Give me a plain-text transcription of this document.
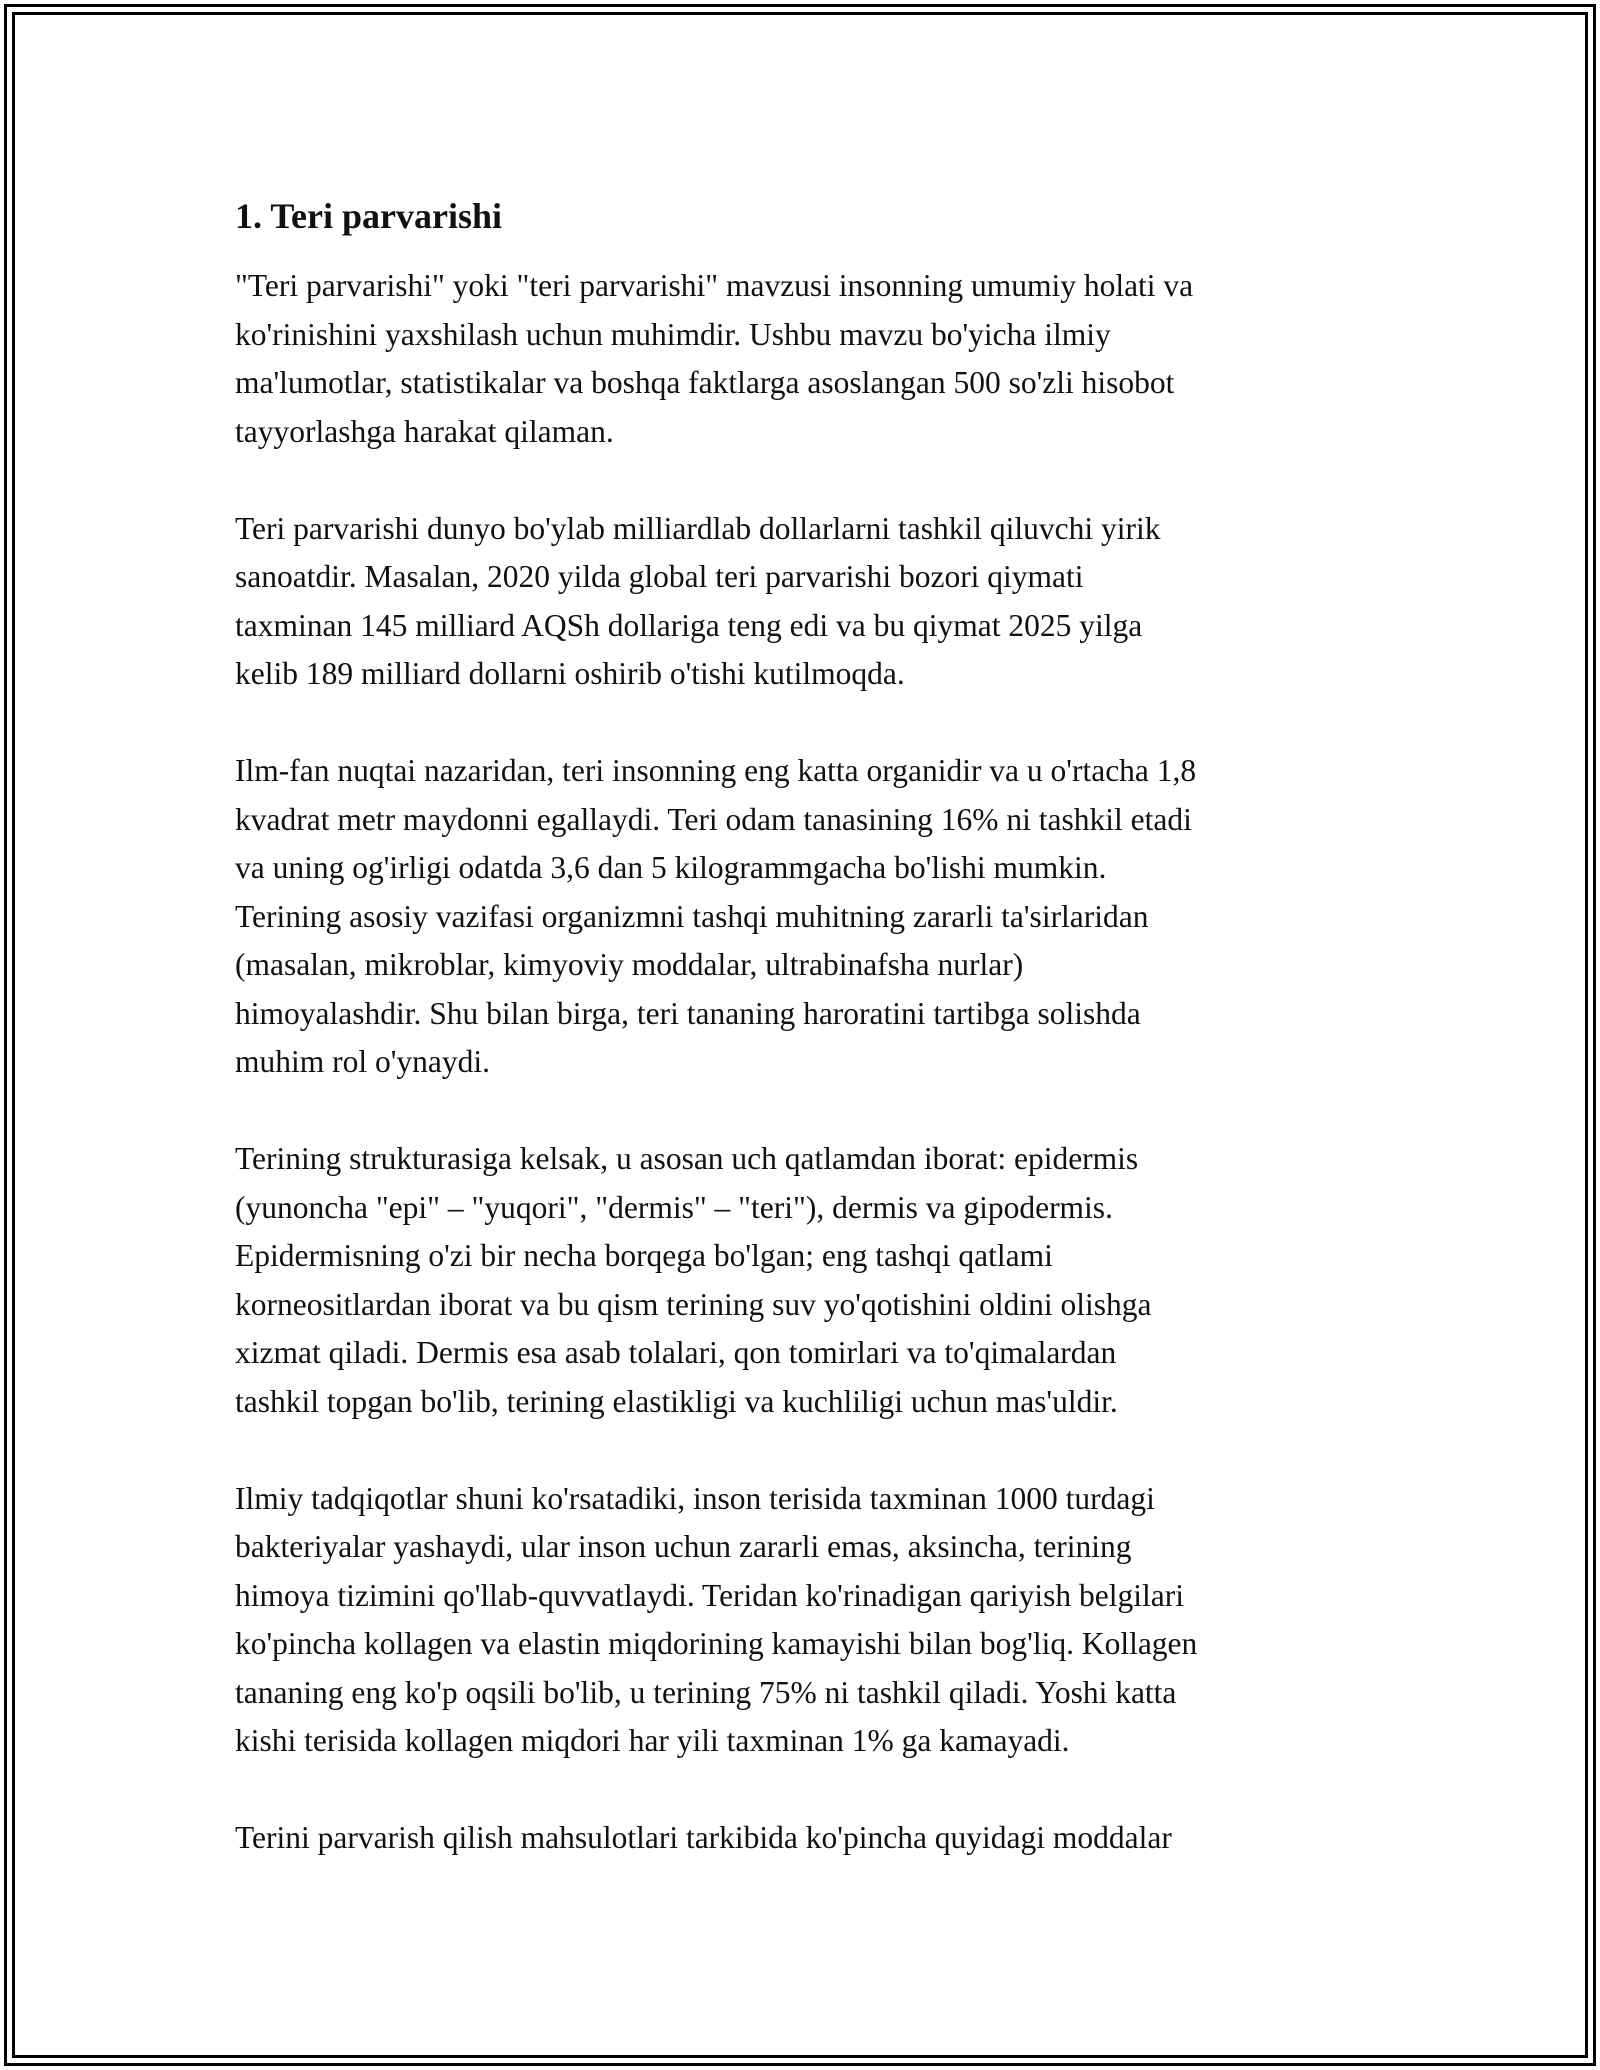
1. Teri parvarishi

"Teri parvarishi" yoki "teri parvarishi" mavzusi insonning umumiy holati va
ko'rinishini yaxshilash uchun muhimdir. Ushbu mavzu bo'yicha ilmiy
ma'lumotlar, statistikalar va boshqa faktlarga asoslangan 500 so'zli hisobot
tayyorlashga harakat qilaman.

Teri parvarishi dunyo bo'ylab milliardlab dollarlarni tashkil qiluvchi yirik
sanoatdir. Masalan, 2020 yilda global teri parvarishi bozori qiymati
taxminan 145 milliard AQSh dollariga teng edi va bu qiymat 2025 yilga
kelib 189 milliard dollarni oshirib o'tishi kutilmoqda.

Ilm-fan nuqtai nazaridan, teri insonning eng katta organidir va u o'rtacha 1,8
kvadrat metr maydonni egallaydi. Teri odam tanasining 16% ni tashkil etadi
va uning og'irligi odatda 3,6 dan 5 kilogrammgacha bo'lishi mumkin.
Terining asosiy vazifasi organizmni tashqi muhitning zararli ta'sirlaridan
(masalan, mikroblar, kimyoviy moddalar, ultrabinafsha nurlar)
himoyalashdir. Shu bilan birga, teri tananing haroratini tartibga solishda
muhim rol o'ynaydi.

Terining strukturasiga kelsak, u asosan uch qatlamdan iborat: epidermis
(yunoncha "epi" – "yuqori", "dermis" – "teri"), dermis va gipodermis.
Epidermisning o'zi bir necha borqega bo'lgan; eng tashqi qatlami
korneositlardan iborat va bu qism terining suv yo'qotishini oldini olishga
xizmat qiladi. Dermis esa asab tolalari, qon tomirlari va to'qimalardan
tashkil topgan bo'lib, terining elastikligi va kuchliligi uchun mas'uldir.

Ilmiy tadqiqotlar shuni ko'rsatadiki, inson terisida taxminan 1000 turdagi
bakteriyalar yashaydi, ular inson uchun zararli emas, aksincha, terining
himoya tizimini qo'llab-quvvatlaydi. Teridan ko'rinadigan qariyish belgilari
ko'pincha kollagen va elastin miqdorining kamayishi bilan bog'liq. Kollagen
tananing eng ko'p oqsili bo'lib, u terining 75% ni tashkil qiladi. Yoshi katta
kishi terisida kollagen miqdori har yili taxminan 1% ga kamayadi.

Terini parvarish qilish mahsulotlari tarkibida ko'pincha quyidagi moddalar
